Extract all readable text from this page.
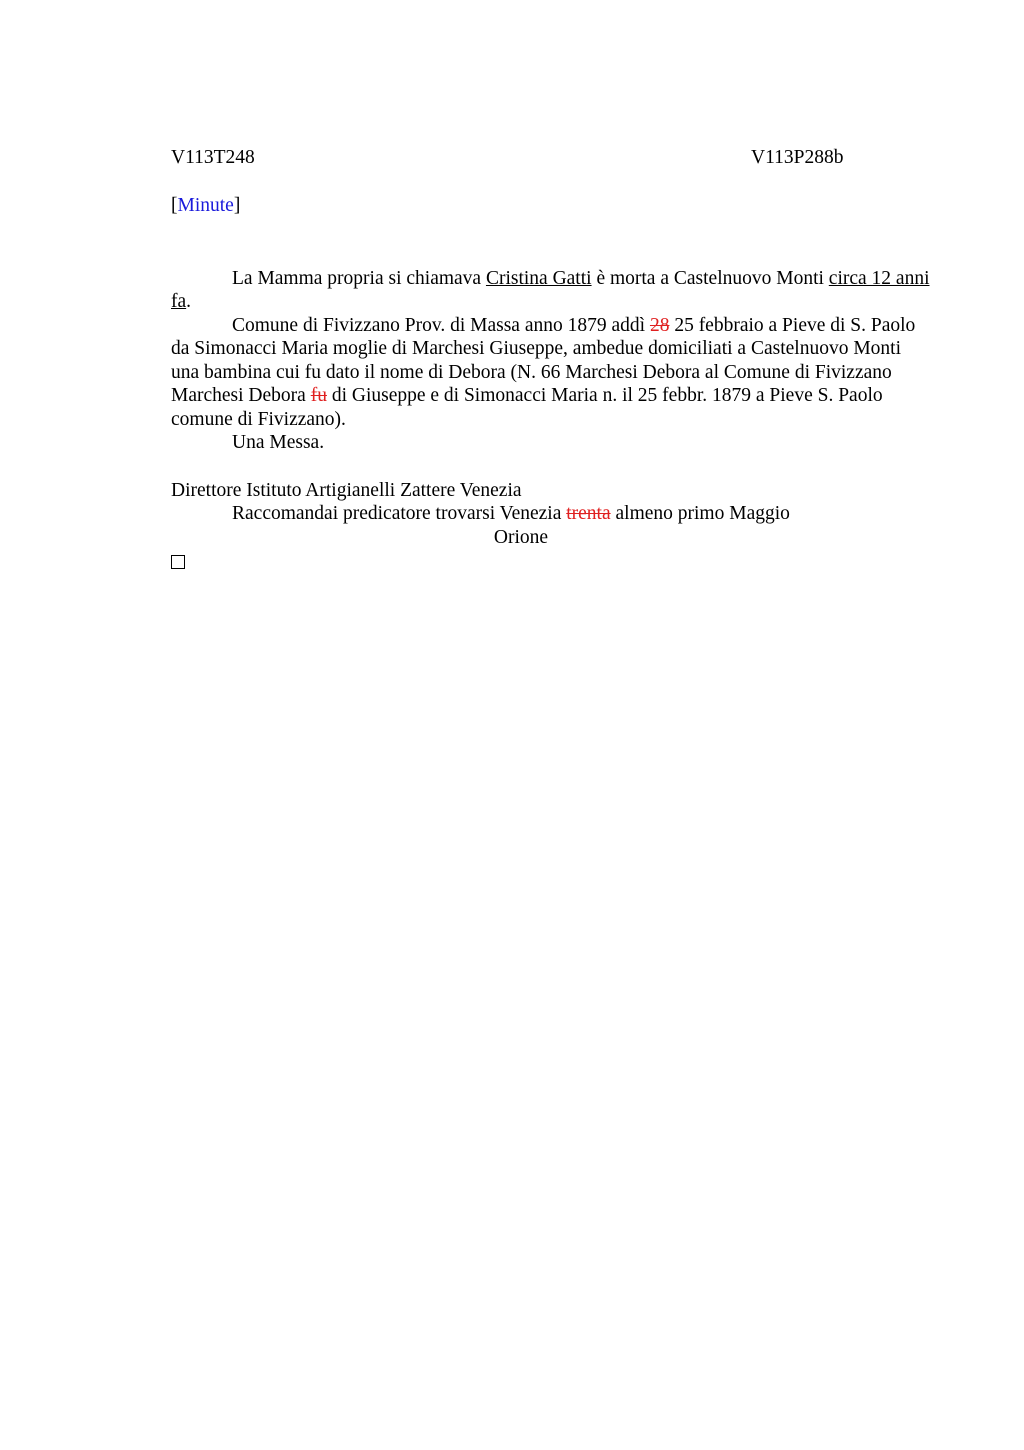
V113T248	V113P288b
[Minute]

La Mamma propria si chiamava Cristina Gatti è morta a Castelnuovo Monti circa 12 anni fa.

Comune di Fivizzano Prov. di Massa anno 1879 addì 28 25 febbraio a Pieve di S. Paolo da Simonacci Maria moglie di Marchesi Giuseppe, ambedue domiciliati a Castelnuovo Monti una bambina cui fu dato il nome di Debora (N. 66 Marchesi Debora al Comune di Fivizzano Marchesi Debora fu di Giuseppe e di Simonacci Maria n. il 25 febbr. 1879 a Pieve S. Paolo comune di Fivizzano).

Una Messa.

Direttore Istituto Artigianelli Zattere Venezia

Raccomandai predicatore trovarsi Venezia trenta almeno primo Maggio

Orione
